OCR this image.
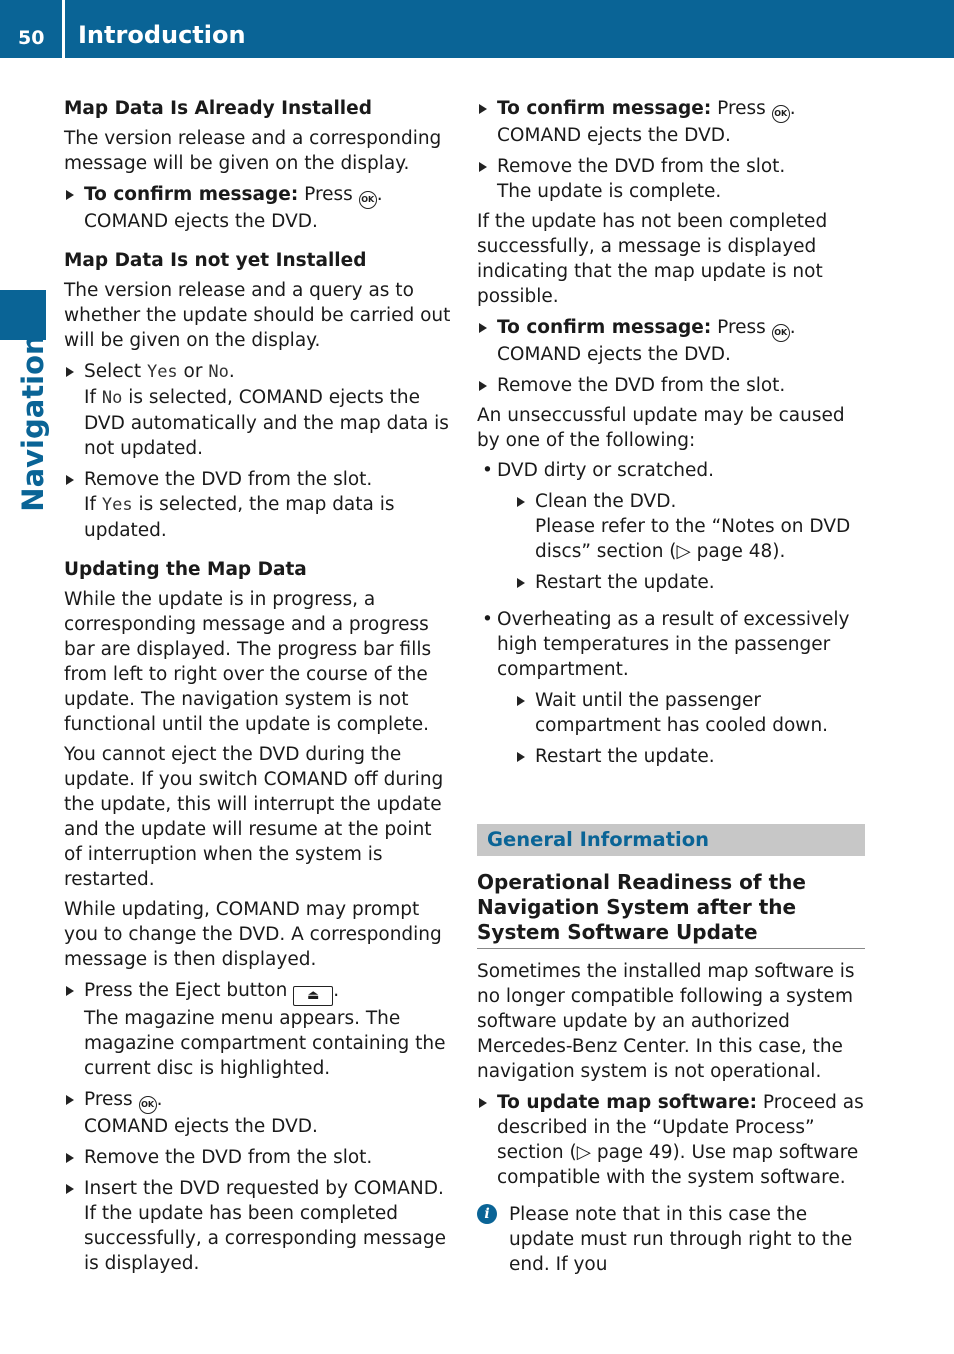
50 Introduction
Navigation

Map Data Is Already Installed

The version release and a corresponding message will be given on the display.

To confirm message: Press OK .
COMAND ejects the DVD.

Map Data Is not yet Installed

The version release and a query as to whether the update should be carried out will be given on the display.

Select Yes or No.
If No is selected, COMAND ejects the DVD automatically and the map data is not updated.
Remove the DVD from the slot.
If Yes is selected, the map data is updated.

Updating the Map Data

While the update is in progress, a corresponding message and a progress bar are displayed. The progress bar fills from left to right over the course of the update. The navigation system is not functional until the update is complete.

You cannot eject the DVD during the update. If you switch COMAND off during the update, this will interrupt the update and the update will resume at the point of interruption when the system is restarted.

While updating, COMAND may prompt you to change the DVD. A corresponding message is then displayed.

Press the Eject button ⏏ .
The magazine menu appears. The magazine compartment containing the current disc is highlighted.
Press OK .
COMAND ejects the DVD.
Remove the DVD from the slot.
Insert the DVD requested by COMAND.
If the update has been completed successfully, a corresponding message is displayed.
To confirm message: Press OK .
COMAND ejects the DVD.
Remove the DVD from the slot.
The update is complete.

If the update has not been completed successfully, a message is displayed indicating that the map update is not possible.

To confirm message: Press OK .
COMAND ejects the DVD.
Remove the DVD from the slot.

An unseccussful update may be caused by one of the following:

• DVD dirty or scratched.
Clean the DVD.
Please refer to the “Notes on DVD discs” section (▷ page 48).
Restart the update.
• Overheating as a result of excessively high temperatures in the passenger compartment.
Wait until the passenger compartment has cooled down.
Restart the update.
General Information
Operational Readiness of the Navigation System after the System Software Update

Sometimes the installed map software is no longer compatible following a system software update by an authorized Mercedes-Benz Center. In this case, the navigation system is not operational.

To update map software: Proceed as described in the “Update Process” section (▷ page 49). Use map software compatible with the system software.
i	Please note that in this case the update must run through right to the end. If you
